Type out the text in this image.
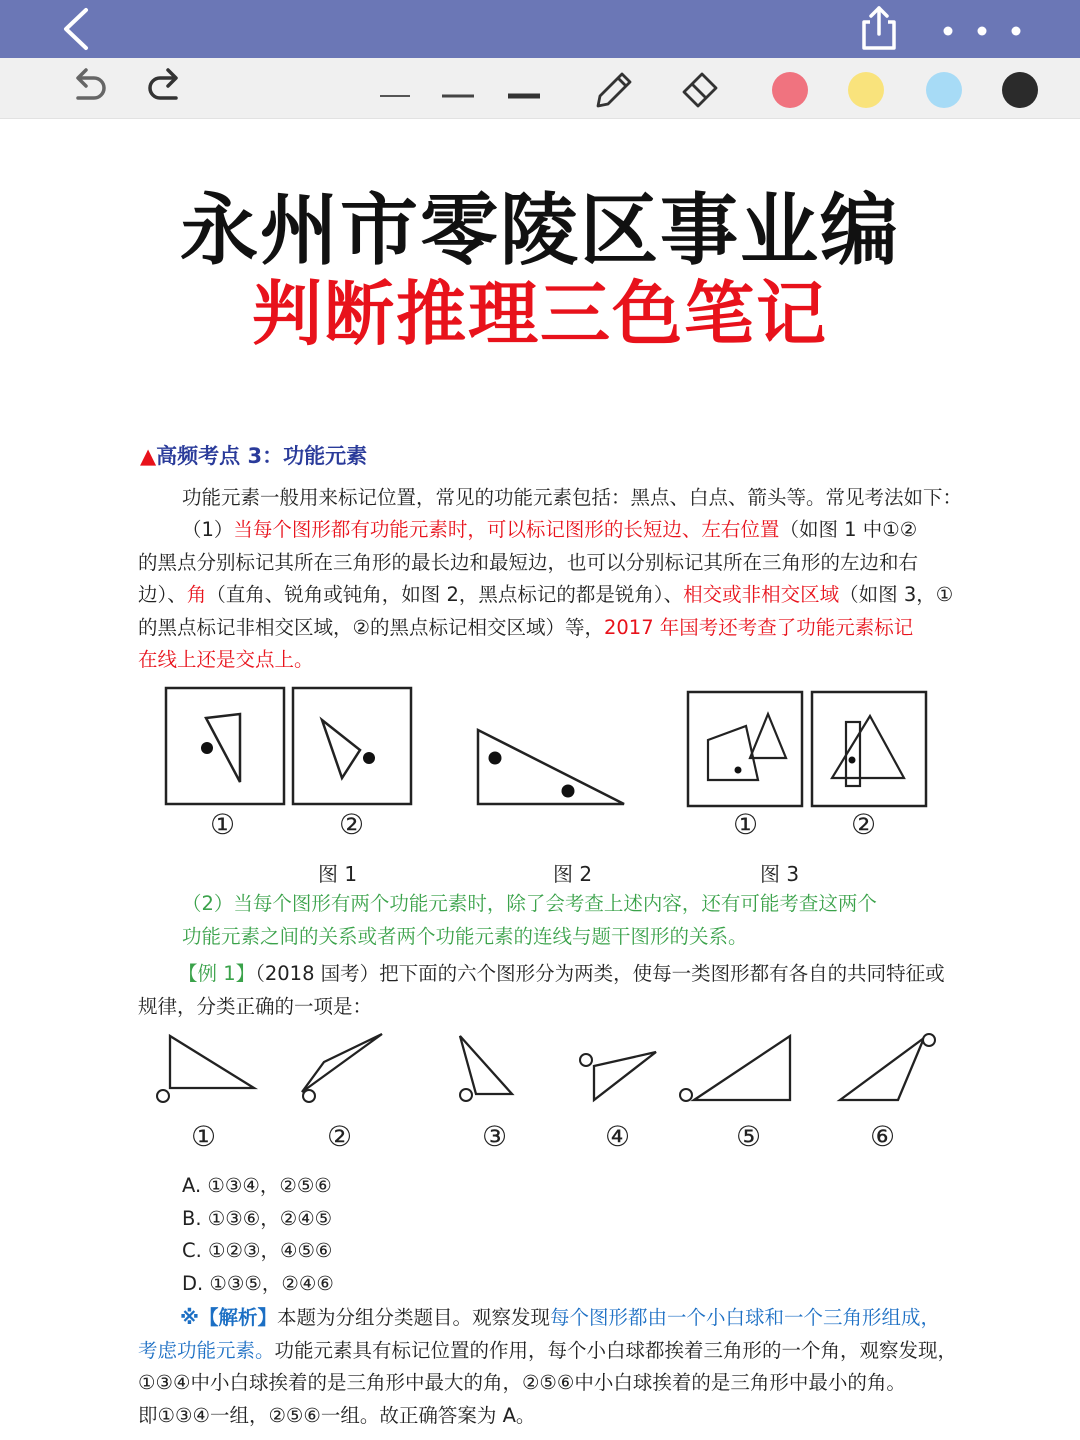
永州市零陵区事业编
判断推理三色笔记
▲高频考点 3：功能元素
功能元素一般用来标记位置，常见的功能元素包括：黑点、白点、箭头等。常见考法如下：
（1）当每个图形都有功能元素时，可以标记图形的长短边、左右位置（如图 1 中①②
的黑点分别标记其所在三角形的最长边和最短边，也可以分别标记其所在三角形的左边和右
边）、角（直角、锐角或钝角，如图 2，黑点标记的都是锐角）、相交或非相交区域（如图 3，①
的黑点标记非相交区域，②的黑点标记相交区域）等，2017 年国考还考查了功能元素标记
在线上还是交点上。
①	②	①	②
图 1	图 2	图 3
（2）当每个图形有两个功能元素时，除了会考查上述内容，还有可能考查这两个
功能元素之间的关系或者两个功能元素的连线与题干图形的关系。
【例 1】（2018 国考）把下面的六个图形分为两类，使每一类图形都有各自的共同特征或
规律，分类正确的一项是：
①	②	③	④	⑤	⑥
A. ①③④，②⑤⑥
B. ①③⑥，②④⑤
C. ①②③，④⑤⑥
D. ①③⑤，②④⑥
※【解析】本题为分组分类题目。观察发现每个图形都由一个小白球和一个三角形组成，
考虑功能元素。功能元素具有标记位置的作用，每个小白球都挨着三角形的一个角，观察发现，
①③④中小白球挨着的是三角形中最大的角，②⑤⑥中小白球挨着的是三角形中最小的角。
即①③④一组，②⑤⑥一组。故正确答案为 A。
